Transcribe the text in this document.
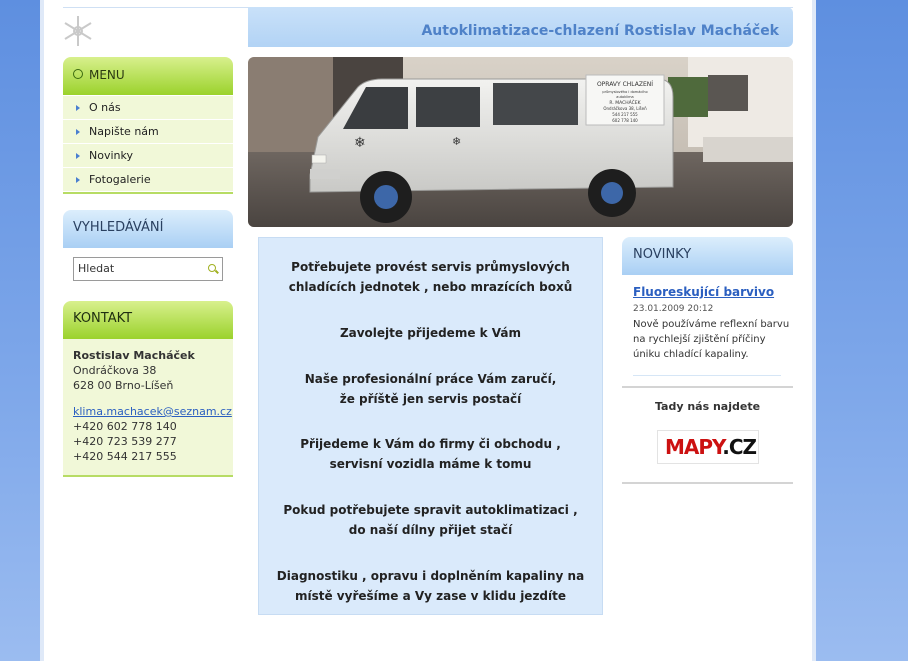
Autoklimatizace-chlazení Rostislav Macháček
OPRAVY CHLAZENÍ
průmyslového i domácího
autoklima
R. MACHÁČEK
Ondráčkova 38, Líšeň
544 217 555
602 778 140
❄	❄
MENU
O nás
Napište nám
Novinky
Fotogalerie
VYHLEDÁVÁNÍ
Hledat
KONTAKT
Rostislav Macháček
Ondráčkova 38
628 00 Brno-Líšeň
klima.machacek@seznam.cz
+420 602 778 140
+420 723 539 277
+420 544 217 555

Potřebujete provést servis průmyslových
chladících jednotek , nebo mrazících boxů

Zavolejte přijedeme k Vám

Naše profesionální práce Vám zaručí,
že příště jen servis postačí

Přijedeme k Vám do firmy či obchodu ,
servisní vozidla máme k tomu

Pokud potřebujete spravit autoklimatizaci ,
do naší dílny přijet stačí

Diagnostiku , opravu i doplněním kapaliny na
místě vyřešíme a Vy zase v klidu jezdíte

NOVINKY
Fluoreskující barvivo
23.01.2009 20:12
Nově používáme reflexní barvu na rychlejší zjištění příčiny úniku chladící kapaliny.
Tady nás najdete
MAPY.CZ
